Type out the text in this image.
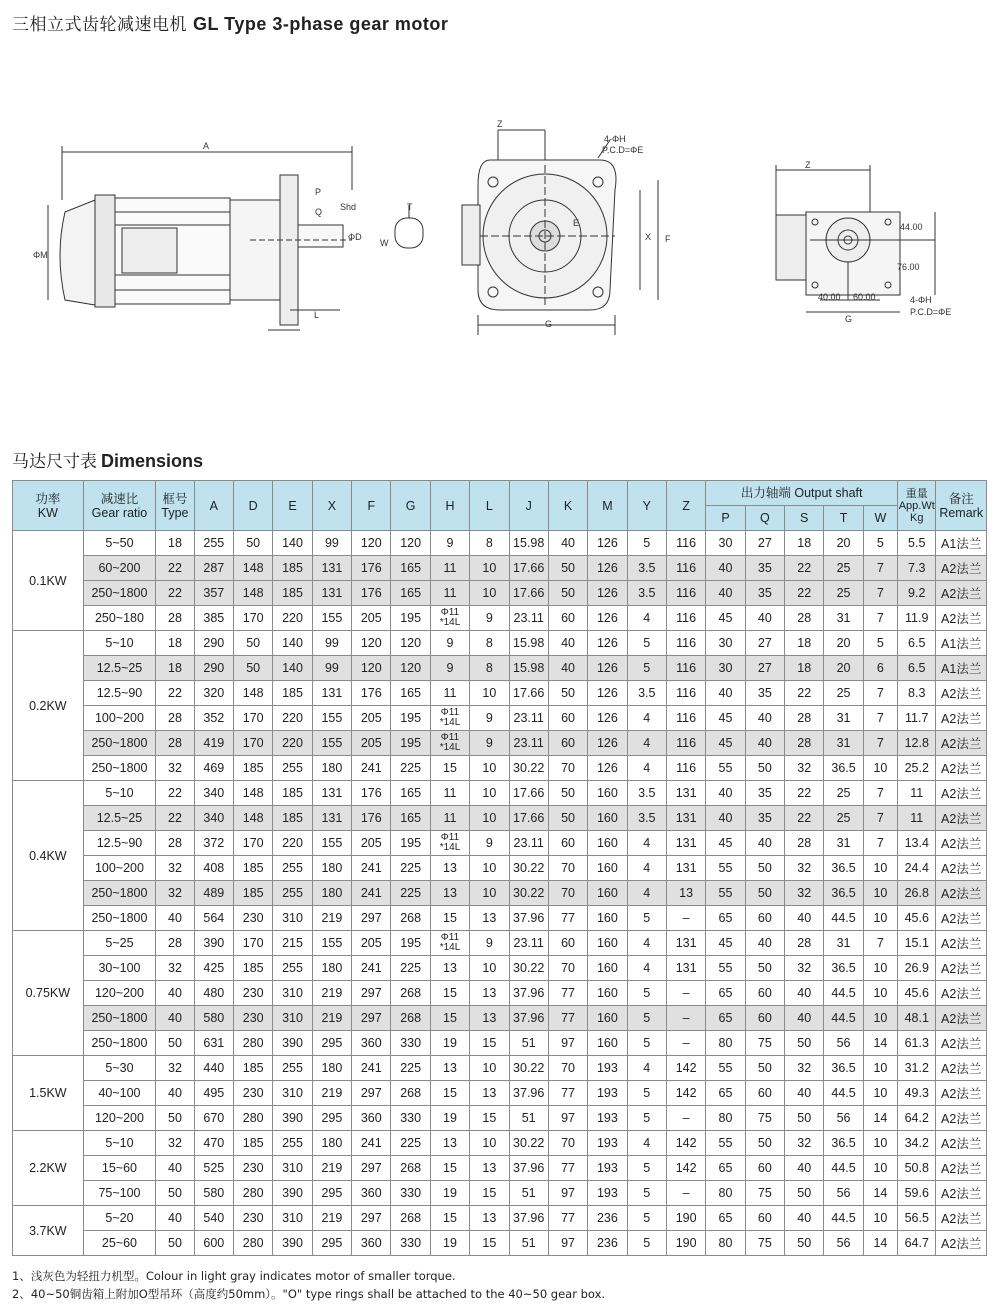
三相立式齿轮减速电机 GL Type 3-phase gear motor
A
ΦM
P
Q Shd
ΦD
W
T
L
Z
4-ΦH
P.C.D=ΦE
E
X F
G
Z
44.00
76.00
40.00 60.00
G
4-ΦH
P.C.D=ΦE
马达尺寸表 Dimensions
功率
KW	减速比
Gear ratio	框号
Type	A	D	E	X	F	G	H	L	J	K	M	Y	Z	出力轴端 Output shaft					重量
App.Wt
Kg	备注
Remark
																P	Q	S	T	W		
0.1KW	5~50	18	255	50	140	99	120	120	9	8	15.98	40	126	5	116	30	27	18	20	5	5.5	A1法兰
	60~200	22	287	148	185	131	176	165	11	10	17.66	50	126	3.5	116	40	35	22	25	7	7.3	A2法兰
	250~1800	22	357	148	185	131	176	165	11	10	17.66	50	126	3.5	116	40	35	22	25	7	9.2	A2法兰
	250~180	28	385	170	220	155	205	195	Φ11
*14L	9	23.11	60	126	4	116	45	40	28	31	7	11.9	A2法兰
0.2KW	5~10	18	290	50	140	99	120	120	9	8	15.98	40	126	5	116	30	27	18	20	5	6.5	A1法兰
	12.5~25	18	290	50	140	99	120	120	9	8	15.98	40	126	5	116	30	27	18	20	6	6.5	A1法兰
	12.5~90	22	320	148	185	131	176	165	11	10	17.66	50	126	3.5	116	40	35	22	25	7	8.3	A2法兰
	100~200	28	352	170	220	155	205	195	Φ11
*14L	9	23.11	60	126	4	116	45	40	28	31	7	11.7	A2法兰
	250~1800	28	419	170	220	155	205	195	Φ11
*14L	9	23.11	60	126	4	116	45	40	28	31	7	12.8	A2法兰
	250~1800	32	469	185	255	180	241	225	15	10	30.22	70	126	4	116	55	50	32	36.5	10	25.2	A2法兰
0.4KW	5~10	22	340	148	185	131	176	165	11	10	17.66	50	160	3.5	131	40	35	22	25	7	11	A2法兰
	12.5~25	22	340	148	185	131	176	165	11	10	17.66	50	160	3.5	131	40	35	22	25	7	11	A2法兰
	12.5~90	28	372	170	220	155	205	195	Φ11
*14L	9	23.11	60	160	4	131	45	40	28	31	7	13.4	A2法兰
	100~200	32	408	185	255	180	241	225	13	10	30.22	70	160	4	131	55	50	32	36.5	10	24.4	A2法兰
	250~1800	32	489	185	255	180	241	225	13	10	30.22	70	160	4	13	55	50	32	36.5	10	26.8	A2法兰
	250~1800	40	564	230	310	219	297	268	15	13	37.96	77	160	5	–	65	60	40	44.5	10	45.6	A2法兰
0.75KW	5~25	28	390	170	215	155	205	195	Φ11
*14L	9	23.11	60	160	4	131	45	40	28	31	7	15.1	A2法兰
	30~100	32	425	185	255	180	241	225	13	10	30.22	70	160	4	131	55	50	32	36.5	10	26.9	A2法兰
	120~200	40	480	230	310	219	297	268	15	13	37.96	77	160	5	–	65	60	40	44.5	10	45.6	A2法兰
	250~1800	40	580	230	310	219	297	268	15	13	37.96	77	160	5	–	65	60	40	44.5	10	48.1	A2法兰
	250~1800	50	631	280	390	295	360	330	19	15	51	97	160	5	–	80	75	50	56	14	61.3	A2法兰
1.5KW	5~30	32	440	185	255	180	241	225	13	10	30.22	70	193	4	142	55	50	32	36.5	10	31.2	A2法兰
	40~100	40	495	230	310	219	297	268	15	13	37.96	77	193	5	142	65	60	40	44.5	10	49.3	A2法兰
	120~200	50	670	280	390	295	360	330	19	15	51	97	193	5	–	80	75	50	56	14	64.2	A2法兰
2.2KW	5~10	32	470	185	255	180	241	225	13	10	30.22	70	193	4	142	55	50	32	36.5	10	34.2	A2法兰
	15~60	40	525	230	310	219	297	268	15	13	37.96	77	193	5	142	65	60	40	44.5	10	50.8	A2法兰
	75~100	50	580	280	390	295	360	330	19	15	51	97	193	5	–	80	75	50	56	14	59.6	A2法兰
3.7KW	5~20	40	540	230	310	219	297	268	15	13	37.96	77	236	5	190	65	60	40	44.5	10	56.5	A2法兰
	25~60	50	600	280	390	295	360	330	19	15	51	97	236	5	190	80	75	50	56	14	64.7	A2法兰
1、浅灰色为轻扭力机型。Colour in light gray indicates motor of smaller torque.
2、40~50铜齿箱上附加O型吊环（高度约50mm）。"O" type rings shall be attached to the 40~50 gear box.
